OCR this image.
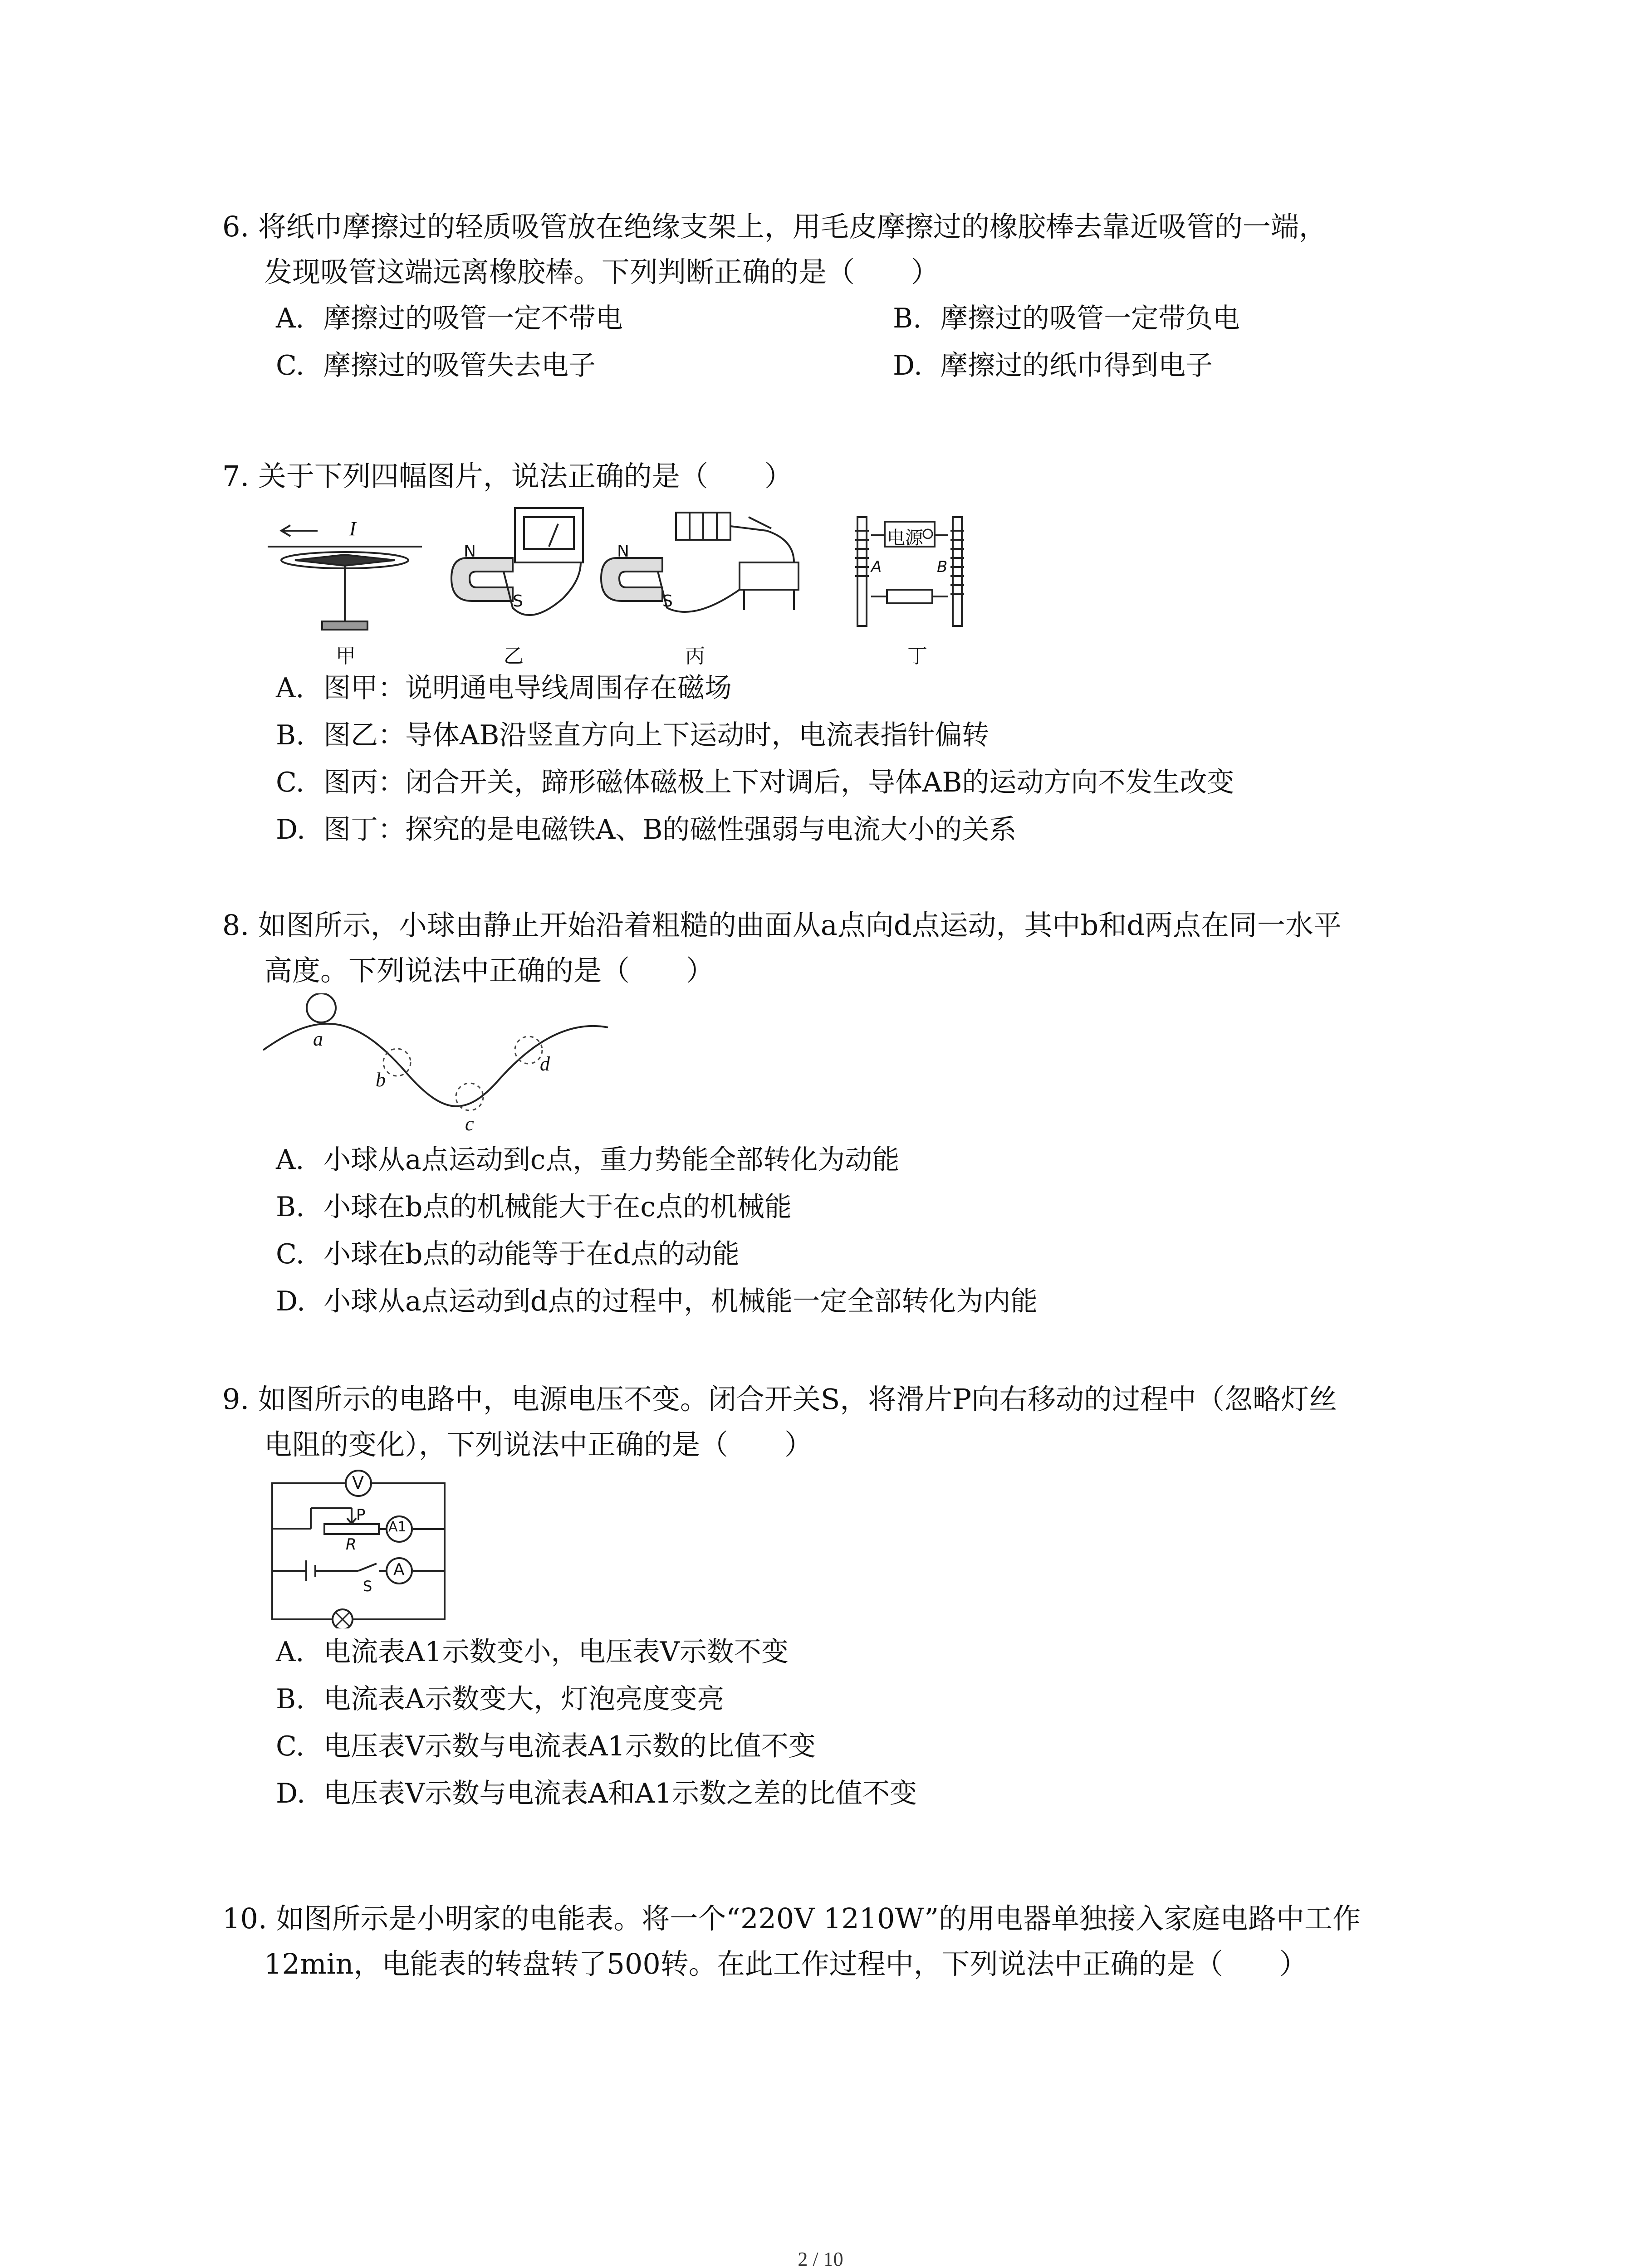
6. 将纸巾摩擦过的轻质吸管放在绝缘支架上，用毛皮摩擦过的橡胶棒去靠近吸管的一端，
发现吸管这端远离橡胶棒。下列判断正确的是（　　）
A. 摩擦过的吸管一定不带电	B. 摩擦过的吸管一定带负电
C. 摩擦过的吸管失去电子	D. 摩擦过的纸巾得到电子
7. 关于下列四幅图片，说法正确的是（　　）
I
N
S
N
S
电源
A	B
甲	乙	丙	丁
A. 图甲：说明通电导线周围存在磁场
B. 图乙：导体AB沿竖直方向上下运动时，电流表指针偏转
C. 图丙：闭合开关，蹄形磁体磁极上下对调后，导体AB的运动方向不发生改变
D. 图丁：探究的是电磁铁A、B的磁性强弱与电流大小的关系
8. 如图所示，小球由静止开始沿着粗糙的曲面从a点向d点运动，其中b和d两点在同一水平
高度。下列说法中正确的是（　　）
a
b
c
d
A. 小球从a点运动到c点，重力势能全部转化为动能
B. 小球在b点的机械能大于在c点的机械能
C. 小球在b点的动能等于在d点的动能
D. 小球从a点运动到d点的过程中，机械能一定全部转化为内能
9. 如图所示的电路中，电源电压不变。闭合开关S，将滑片P向右移动的过程中（忽略灯丝
电阻的变化），下列说法中正确的是（　　）
V
P
R
A1
A
S
A. 电流表A1示数变小，电压表V示数不变
B. 电流表A示数变大，灯泡亮度变亮
C. 电压表V示数与电流表A1示数的比值不变
D. 电压表V示数与电流表A和A1示数之差的比值不变
10. 如图所示是小明家的电能表。将一个“220V 1210W”的用电器单独接入家庭电路中工作
12min，电能表的转盘转了500转。在此工作过程中，下列说法中正确的是（　　）
2 / 10
